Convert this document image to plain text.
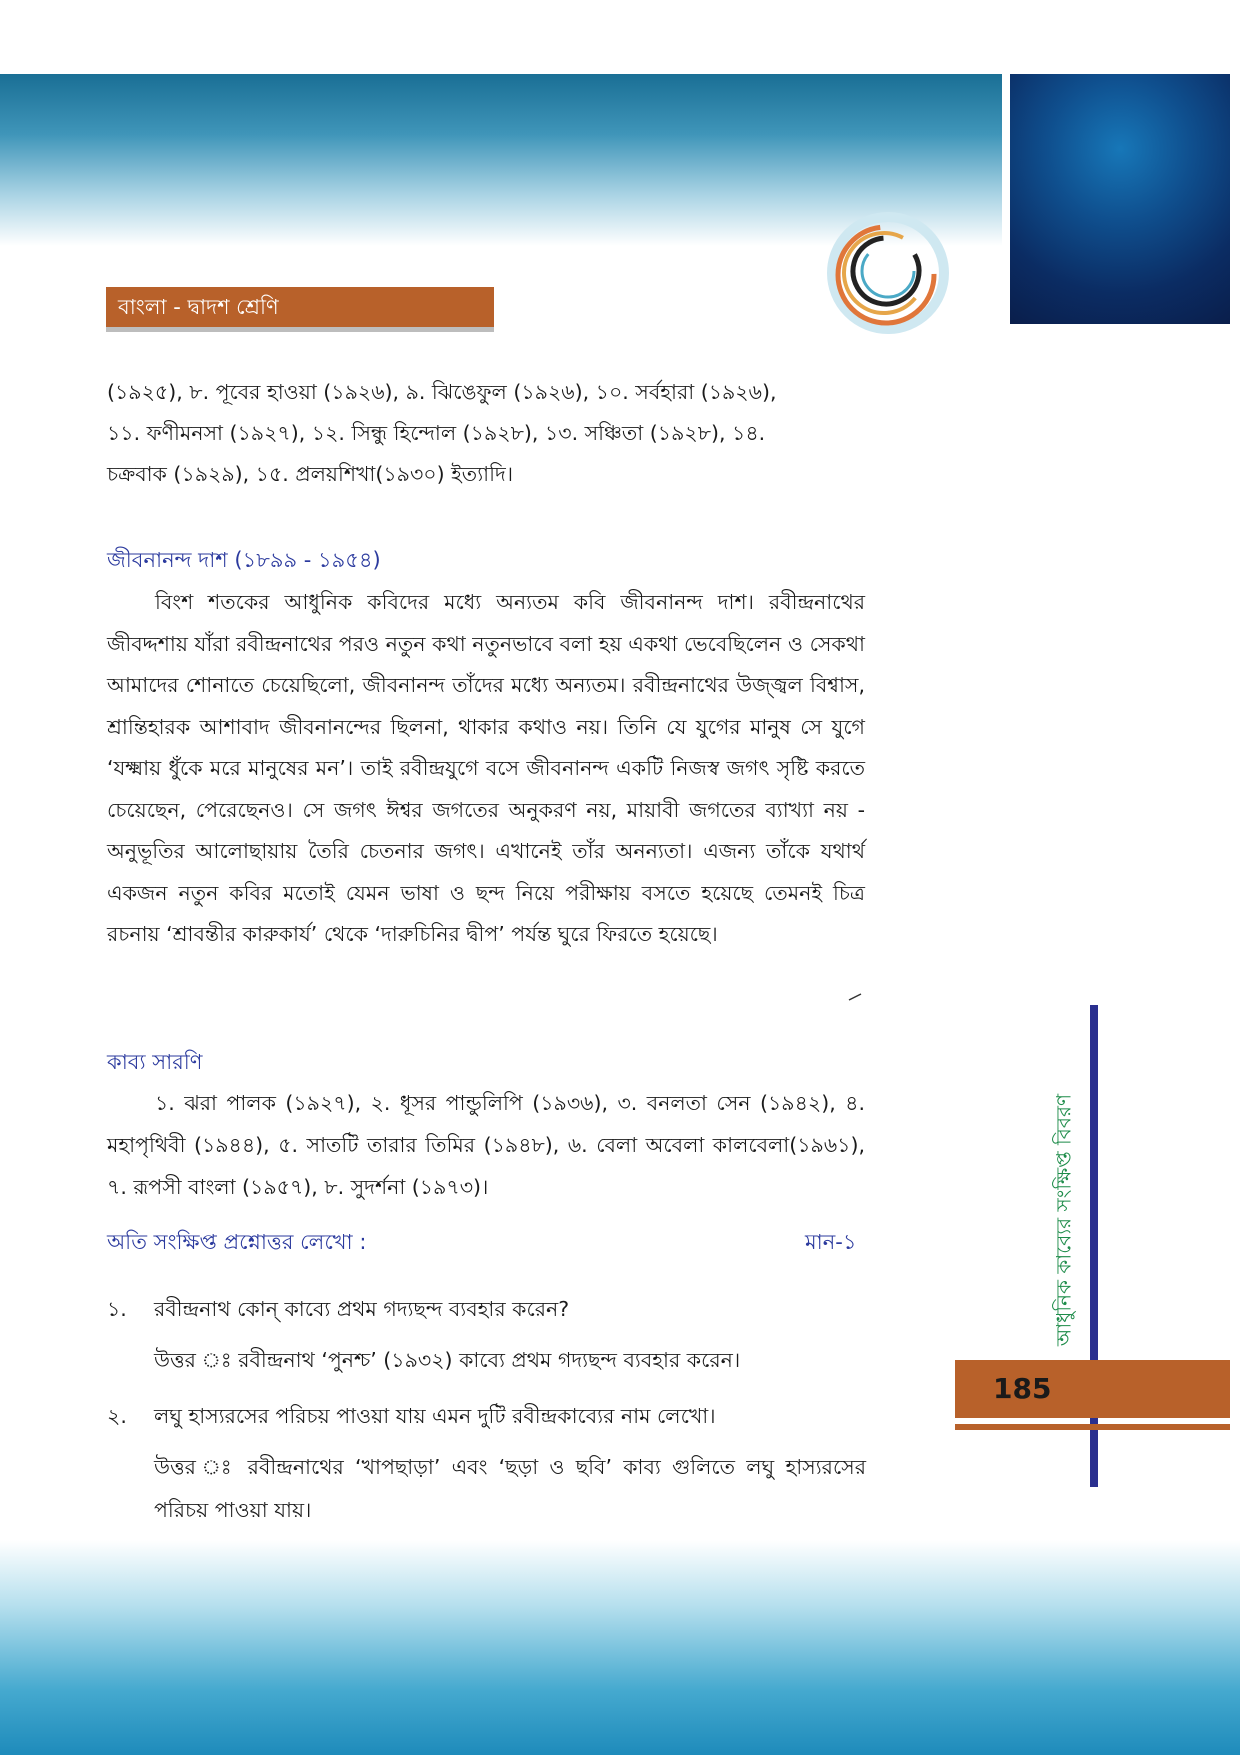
বাংলা - দ্বাদশ শ্রেণি

(১৯২৫), ৮. পূবের হাওয়া (১৯২৬), ৯. ঝিঙেফুল (১৯২৬), ১০. সর্বহারা (১৯২৬),

১১. ফণীমনসা (১৯২৭), ১২. সিন্ধু হিন্দোল (১৯২৮), ১৩. সঞ্চিতা (১৯২৮), ১৪.

চক্রবাক (১৯২৯), ১৫. প্রলয়শিখা(১৯৩০) ইত্যাদি।

জীবনানন্দ দাশ (১৮৯৯ - ১৯৫৪)

বিংশ শতকের আধুনিক কবিদের মধ্যে অন্যতম কবি জীবনানন্দ দাশ। রবীন্দ্রনাথের জীবদ্দশায় যাঁরা রবীন্দ্রনাথের পরও নতুন কথা নতুনভাবে বলা হয় একথা ভেবেছিলেন ও সেকথা আমাদের শোনাতে চেয়েছিলো, জীবনানন্দ তাঁদের মধ্যে অন্যতম। রবীন্দ্রনাথের উজ্জ্বল বিশ্বাস, শ্রান্তিহারক আশাবাদ জীবনানন্দের ছিলনা, থাকার কথাও নয়। তিনি যে যুগের মানুষ সে যুগে ‘যক্ষ্মায় ধুঁকে মরে মানুষের মন’। তাই রবীন্দ্রযুগে বসে জীবনানন্দ একটি নিজস্ব জগৎ সৃষ্টি করতে চেয়েছেন, পেরেছেনও। সে জগৎ ঈশ্বর জগতের অনুকরণ নয়, মায়াবী জগতের ব্যাখ্যা নয় - অনুভূতির আলোছায়ায় তৈরি চেতনার জগৎ। এখানেই তাঁর অনন্যতা। এজন্য তাঁকে যথার্থ একজন নতুন কবির মতোই যেমন ভাষা ও ছন্দ নিয়ে পরীক্ষায় বসতে হয়েছে তেমনই চিত্র রচনায় ‘শ্রাবন্তীর কারুকার্য’ থেকে ‘দারুচিনির দ্বীপ’ পর্যন্ত ঘুরে ফিরতে হয়েছে।

কাব্য সারণি

১. ঝরা পালক (১৯২৭), ২. ধূসর পান্ডুলিপি (১৯৩৬), ৩. বনলতা সেন (১৯৪২), ৪. মহাপৃথিবী (১৯৪৪), ৫. সাতটি তারার তিমির (১৯৪৮), ৬. বেলা অবেলা কালবেলা(১৯৬১), ৭. রূপসী বাংলা (১৯৫৭), ৮. সুদর্শনা (১৯৭৩)।

অতি সংক্ষিপ্ত প্রশ্নোত্তর লেখো :	মান-১
১. রবীন্দ্রনাথ কোন্ কাব্যে প্রথম গদ্যছন্দ ব্যবহার করেন?
উত্তর ঃ রবীন্দ্রনাথ ‘পুনশ্চ’ (১৯৩২) কাব্যে প্রথম গদ্যছন্দ ব্যবহার করেন।
২. লঘু হাস্যরসের পরিচয় পাওয়া যায় এমন দুটি রবীন্দ্রকাব্যের নাম লেখো।
উত্তর ঃ রবীন্দ্রনাথের ‘খাপছাড়া’ এবং ‘ছড়া ও ছবি’ কাব্য গুলিতে লঘু হাস্যরসের পরিচয় পাওয়া যায়।
আধুনিক কাব্যের সংক্ষিপ্ত বিবরণ
185
